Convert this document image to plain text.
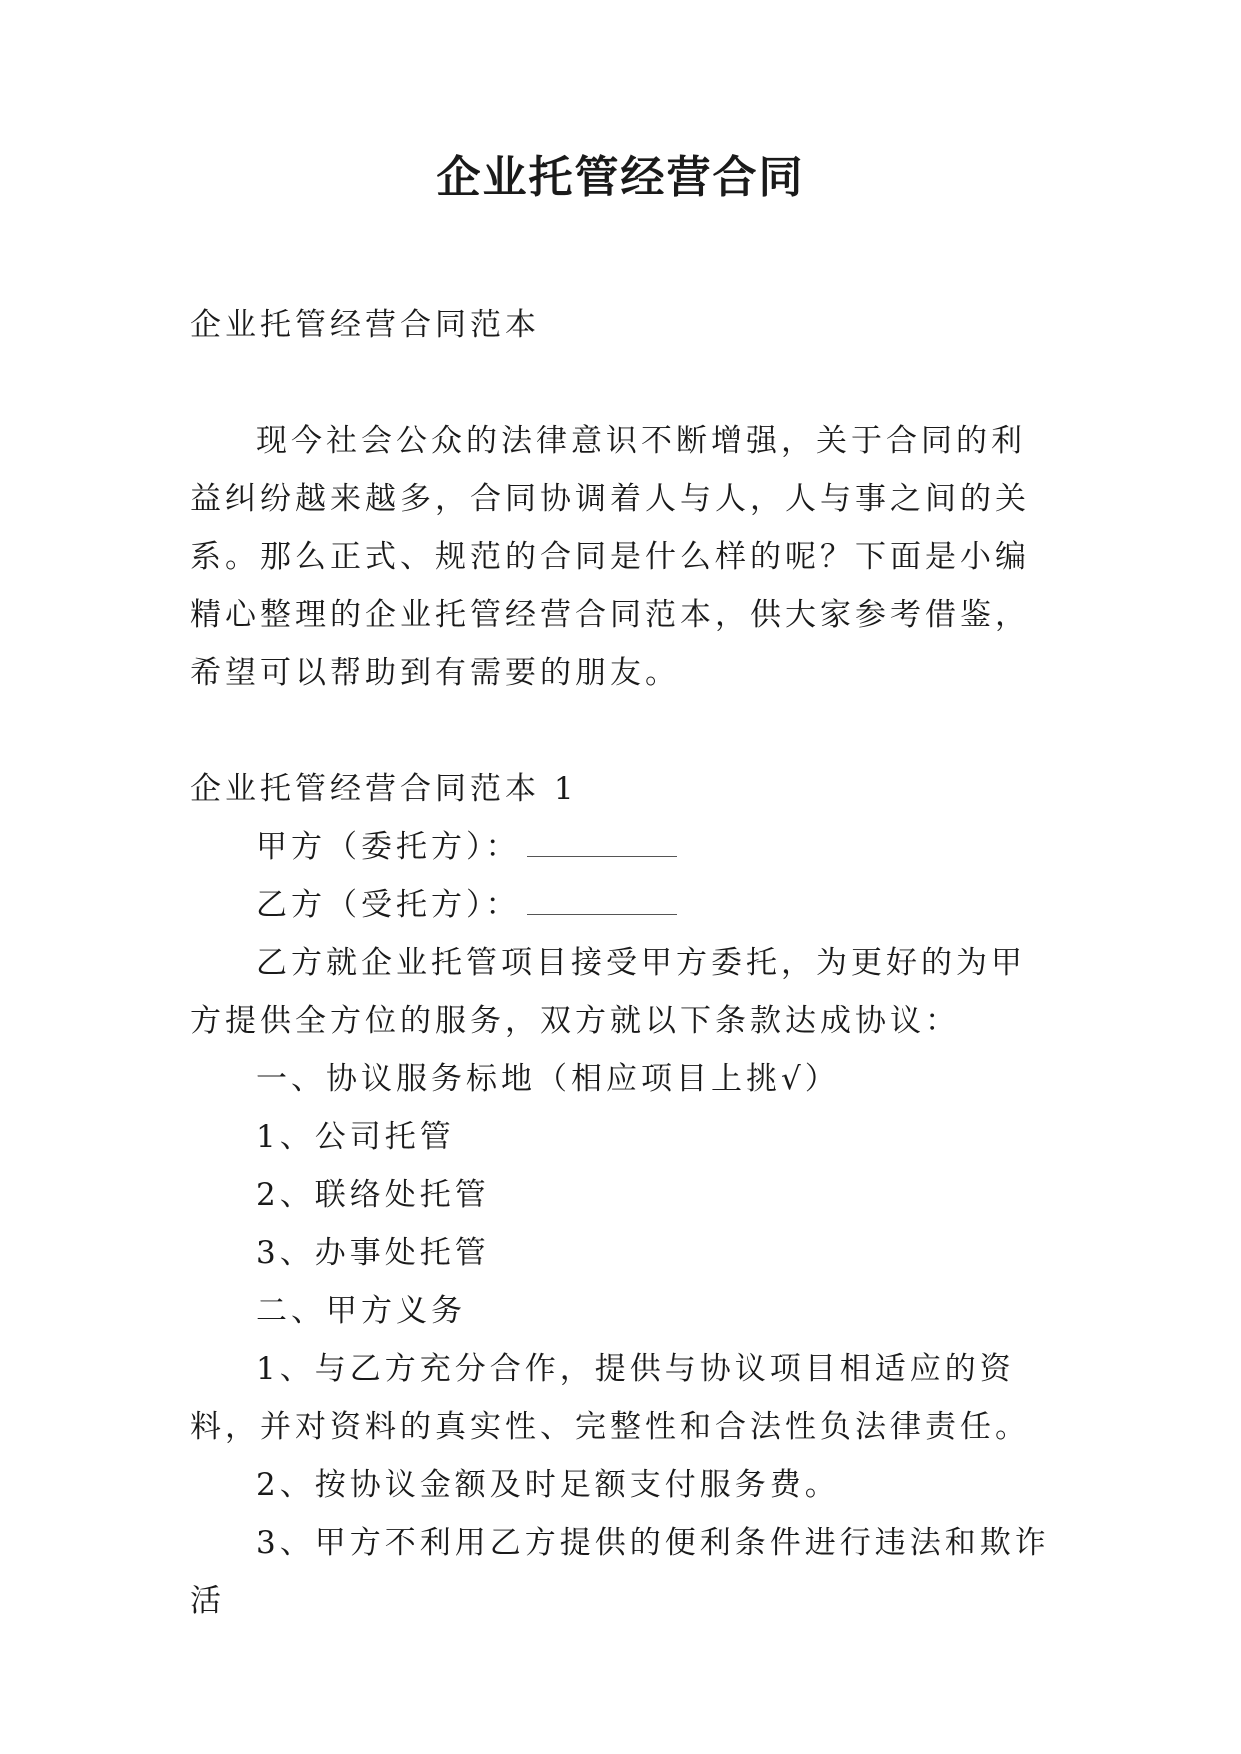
企业托管经营合同

企业托管经营合同范本

现今社会公众的法律意识不断增强，关于合同的利益纠纷越来越多，合同协调着人与人，人与事之间的关系。那么正式、规范的合同是什么样的呢？下面是小编精心整理的企业托管经营合同范本，供大家参考借鉴，希望可以帮助到有需要的朋友。

企业托管经营合同范本 1

甲方（委托方）：

乙方（受托方）：

乙方就企业托管项目接受甲方委托，为更好的为甲方提供全方位的服务，双方就以下条款达成协议：

一、协议服务标地（相应项目上挑√）

1、公司托管

2、联络处托管

3、办事处托管

二、甲方义务

1、与乙方充分合作，提供与协议项目相适应的资料，并对资料的真实性、完整性和合法性负法律责任。

2、按协议金额及时足额支付服务费。

3、甲方不利用乙方提供的便利条件进行违法和欺诈活
